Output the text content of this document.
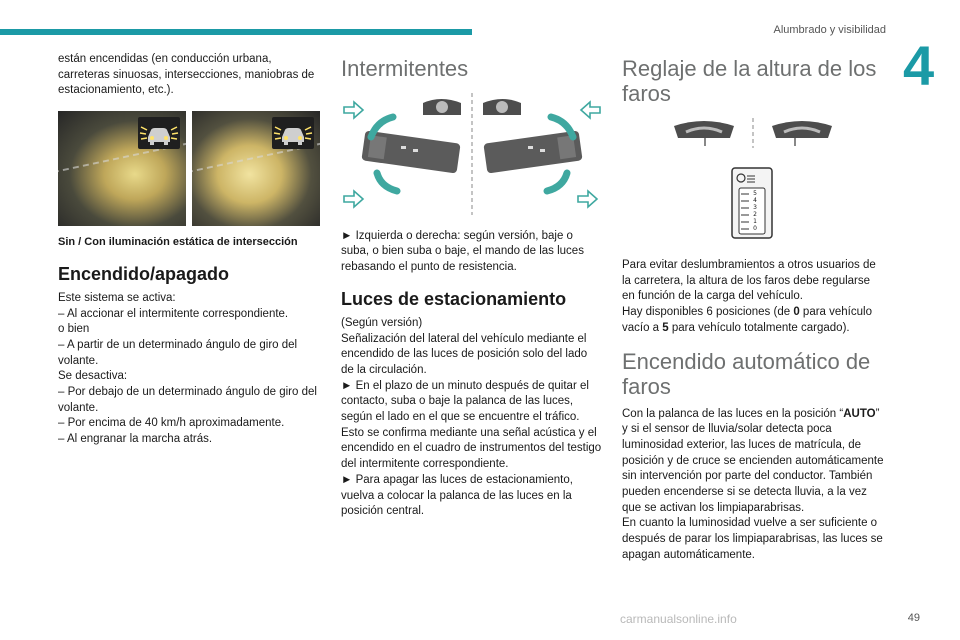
Alumbrado y visibilidad
4
están encendidas (en conducción urbana, carreteras sinuosas, intersecciones, maniobras de estacionamiento, etc.).
Sin / Con iluminación estática de intersección
Encendido/apagado
Este sistema se activa:
– Al accionar el intermitente correspondiente.
o bien
– A partir de un determinado ángulo de giro del volante.
Se desactiva:
– Por debajo de un determinado ángulo de giro del volante.
– Por encima de 40 km/h aproximadamente.
– Al engranar la marcha atrás.
Intermitentes
► Izquierda o derecha: según versión, baje o suba, o bien suba o baje, el mando de las luces rebasando el punto de resistencia.
Luces de estacionamiento
(Según versión)
Señalización del lateral del vehículo mediante el encendido de las luces de posición solo del lado de la circulación.
► En el plazo de un minuto después de quitar el contacto, suba o baje la palanca de las luces, según el lado en el que se encuentre el tráfico.
Esto se confirma mediante una señal acústica y el encendido en el cuadro de instrumentos del testigo del intermitente correspondiente.
► Para apagar las luces de estacionamiento, vuelva a colocar la palanca de las luces en la posición central.
Reglaje de la altura de los faros
5
4
3
2
1
0
Para evitar deslumbramientos a otros usuarios de la carretera, la altura de los faros debe regularse en función de la carga del vehículo.
Hay disponibles 6 posiciones (de 0 para vehículo vacío a 5 para vehículo totalmente cargado).
Encendido automático de faros
Con la palanca de las luces en la posición “AUTO” y si el sensor de lluvia/solar detecta poca luminosidad exterior, las luces de matrícula, de posición y de cruce se encienden automáticamente sin intervención por parte del conductor. También pueden encenderse si se detecta lluvia, a la vez que se activan los limpiaparabrisas.
En cuanto la luminosidad vuelve a ser suficiente o después de parar los limpiaparabrisas, las luces se apagan automáticamente.
carmanualsonline.info	49
